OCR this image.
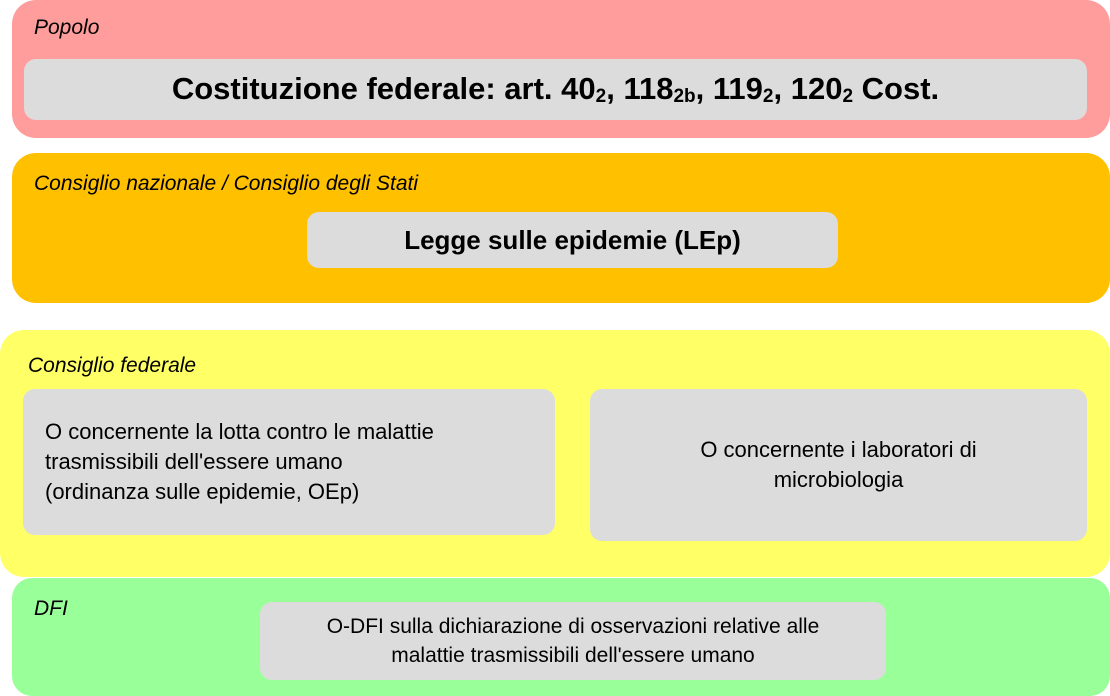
Popolo
Costituzione federale: art. $40_2$, $118_{2b}$, $119_2$, $120_2$ Cost.
Consiglio nazionale / Consiglio degli Stati
Legge sulle epidemie (LEp)
Consiglio federale
O concernente la lotta contro le malattie
trasmissibili dell'essere umano
(ordinanza sulle epidemie, OEp)
O concernente i laboratori di
microbiologia
DFI
O-DFI sulla dichiarazione di osservazioni relative alle
malattie trasmissibili dell'essere umano
